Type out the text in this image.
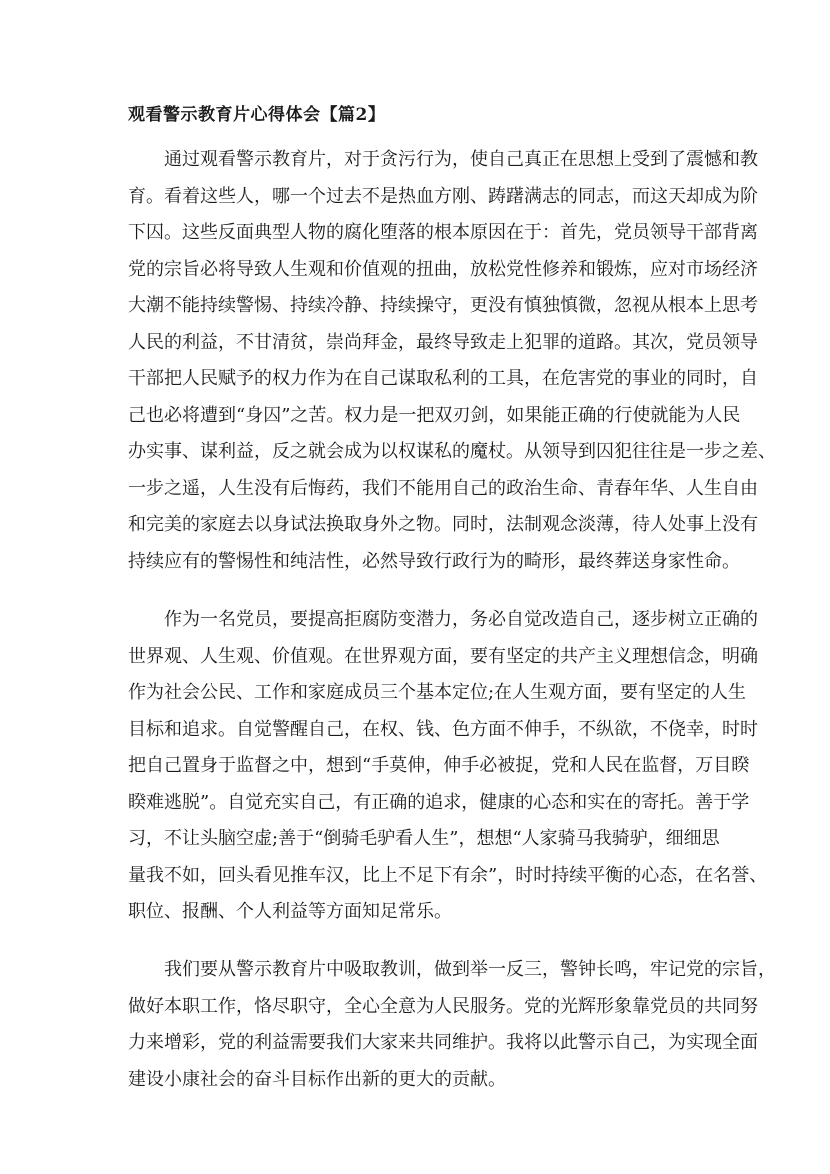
观看警示教育片心得体会【篇2】
通过观看警示教育片，对于贪污行为，使自己真正在思想上受到了震憾和教
育。看着这些人，哪一个过去不是热血方刚、踌躇满志的同志，而这天却成为阶
下囚。这些反面典型人物的腐化堕落的根本原因在于：首先，党员领导干部背离
党的宗旨必将导致人生观和价值观的扭曲，放松党性修养和锻炼，应对市场经济
大潮不能持续警惕、持续冷静、持续操守，更没有慎独慎微，忽视从根本上思考
人民的利益，不甘清贫，崇尚拜金，最终导致走上犯罪的道路。其次，党员领导
干部把人民赋予的权力作为在自己谋取私利的工具，在危害党的事业的同时，自
己也必将遭到“身囚”之苦。权力是一把双刃剑，如果能正确的行使就能为人民
办实事、谋利益，反之就会成为以权谋私的魔杖。从领导到囚犯往往是一步之差、
一步之遥，人生没有后悔药，我们不能用自己的政治生命、青春年华、人生自由
和完美的家庭去以身试法换取身外之物。同时，法制观念淡薄，待人处事上没有
持续应有的警惕性和纯洁性，必然导致行政行为的畸形，最终葬送身家性命。
作为一名党员，要提高拒腐防变潜力，务必自觉改造自己，逐步树立正确的
世界观、人生观、价值观。在世界观方面，要有坚定的共产主义理想信念，明确
作为社会公民、工作和家庭成员三个基本定位;在人生观方面，要有坚定的人生
目标和追求。自觉警醒自己，在权、钱、色方面不伸手，不纵欲，不侥幸，时时
把自己置身于监督之中，想到“手莫伸，伸手必被捉，党和人民在监督，万目睽
睽难逃脱”。自觉充实自己，有正确的追求，健康的心态和实在的寄托。善于学
习，不让头脑空虚;善于“倒骑毛驴看人生”，想想“人家骑马我骑驴，细细思
量我不如，回头看见推车汉，比上不足下有余”，时时持续平衡的心态，在名誉、
职位、报酬、个人利益等方面知足常乐。
我们要从警示教育片中吸取教训，做到举一反三，警钟长鸣，牢记党的宗旨，
做好本职工作，恪尽职守，全心全意为人民服务。党的光辉形象靠党员的共同努
力来增彩，党的利益需要我们大家来共同维护。我将以此警示自己，为实现全面
建设小康社会的奋斗目标作出新的更大的贡献。
